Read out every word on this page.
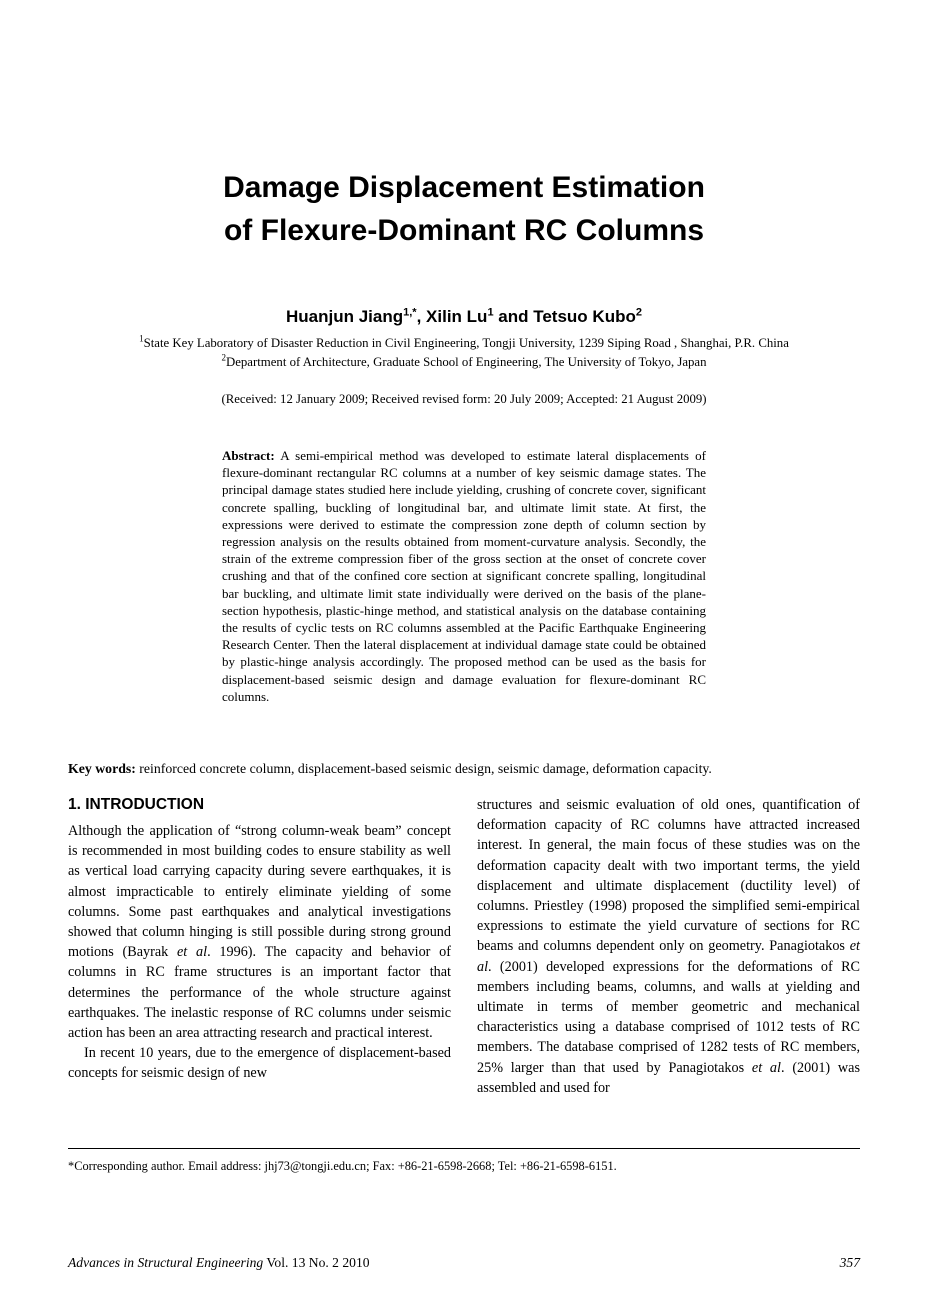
Damage Displacement Estimation
of Flexure-Dominant RC Columns
Huanjun Jiang$^{1,*}$, Xilin Lu$^1$ and Tetsuo Kubo$^2$
$^1$State Key Laboratory of Disaster Reduction in Civil Engineering, Tongji University, 1239 Siping Road , Shanghai, P.R. China
$^2$Department of Architecture, Graduate School of Engineering, The University of Tokyo, Japan
(Received: 12 January 2009; Received revised form: 20 July 2009; Accepted: 21 August 2009)

Abstract: A semi-empirical method was developed to estimate lateral displacements of flexure-dominant rectangular RC columns at a number of key seismic damage states. The principal damage states studied here include yielding, crushing of concrete cover, significant concrete spalling, buckling of longitudinal bar, and ultimate limit state. At first, the expressions were derived to estimate the compression zone depth of column section by regression analysis on the results obtained from moment-curvature analysis. Secondly, the strain of the extreme compression fiber of the gross section at the onset of concrete cover crushing and that of the confined core section at significant concrete spalling, longitudinal bar buckling, and ultimate limit state individually were derived on the basis of the plane-section hypothesis, plastic-hinge method, and statistical analysis on the database containing the results of cyclic tests on RC columns assembled at the Pacific Earthquake Engineering Research Center. Then the lateral displacement at individual damage state could be obtained by plastic-hinge analysis accordingly. The proposed method can be used as the basis for displacement-based seismic design and damage evaluation for flexure-dominant RC columns.

Key words: reinforced concrete column, displacement-based seismic design, seismic damage, deformation capacity.

1. INTRODUCTION

Although the application of “strong column-weak beam” concept is recommended in most building codes to ensure stability as well as vertical load carrying capacity during severe earthquakes, it is almost impracticable to entirely eliminate yielding of some columns. Some past earthquakes and analytical investigations showed that column hinging is still possible during strong ground motions (Bayrak et al. 1996). The capacity and behavior of columns in RC frame structures is an important factor that determines the performance of the whole structure against earthquakes. The inelastic response of RC columns under seismic action has been an area attracting research and practical interest.

In recent 10 years, due to the emergence of displacement-based concepts for seismic design of new

structures and seismic evaluation of old ones, quantification of deformation capacity of RC columns have attracted increased interest. In general, the main focus of these studies was on the deformation capacity dealt with two important terms, the yield displacement and ultimate displacement (ductility level) of columns. Priestley (1998) proposed the simplified semi-empirical expressions to estimate the yield curvature of sections for RC beams and columns dependent only on geometry. Panagiotakos et al. (2001) developed expressions for the deformations of RC members including beams, columns, and walls at yielding and ultimate in terms of member geometric and mechanical characteristics using a database comprised of 1012 tests of RC members. The database comprised of 1282 tests of RC members, 25% larger than that used by Panagiotakos et al. (2001) was assembled and used for

*Corresponding author. Email address: jhj73@tongji.edu.cn; Fax: +86-21-6598-2668; Tel: +86-21-6598-6151.
Advances in Structural Engineering Vol. 13 No. 2 2010	357
